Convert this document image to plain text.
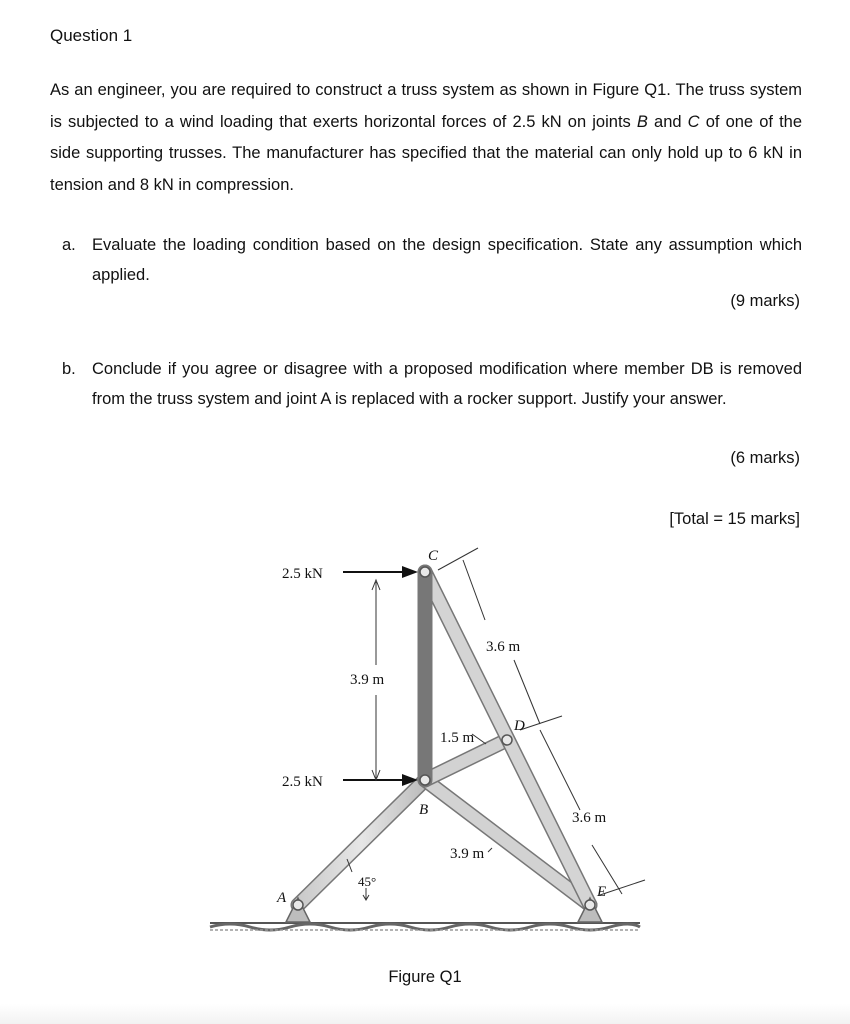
Question 1
As an engineer, you are required to construct a truss system as shown in Figure Q1. The truss system is subjected to a wind loading that exerts horizontal forces of 2.5 kN on joints B and C of one of the side supporting trusses. The manufacturer has specified that the material can only hold up to 6 kN in tension and 8 kN in compression.
a. Evaluate the loading condition based on the design specification. State any assumption which applied.
(9 marks)
b. Conclude if you agree or disagree with a proposed modification where member DB is removed from the truss system and joint A is replaced with a rocker support. Justify your answer.
(6 marks)
[Total = 15 marks]
2.5 kN
2.5 kN
3.9 m
3.6 m
1.5 m
3.6 m
3.9 m
45°
A
B
C
D
E
Figure Q1
